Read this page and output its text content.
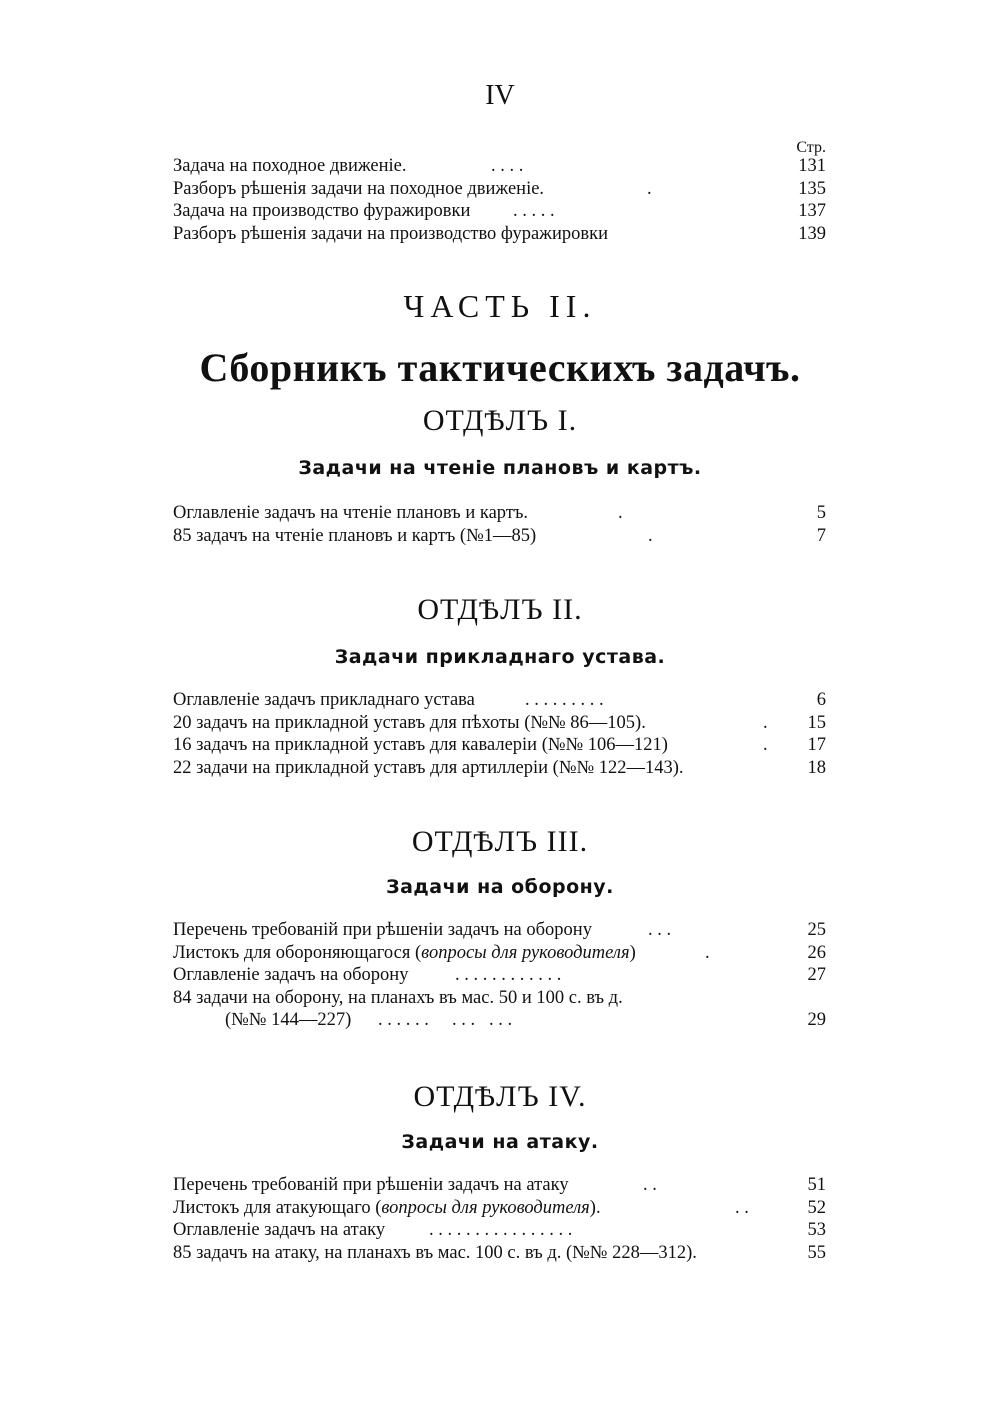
IV
Стр.
Задача на походное движеніе.	. . . .	131
Разборъ рѣшенія задачи на походное движеніе.	.	135
Задача на производство фуражировки . . . . .	137
Разборъ рѣшенія задачи на производство фуражировки	139
ЧАСТЬ II.
Сборникъ тактическихъ задачъ.
ОТДѢЛЪ I.
Задачи на чтеніе плановъ и картъ.
Оглавленіе задачъ на чтеніе плановъ и картъ.	.	5
85 задачъ на чтеніе плановъ и картъ (№1—85)	.	7
ОТДѢЛЪ II.
Задачи прикладнаго устава.
Оглавленіе задачъ прикладнаго устава	. . . . . . . . .	6
20 задачъ на прикладной уставъ для пѣхоты (№№ 86—105).	. 15
16 задачъ на прикладной уставъ для кавалеріи (№№ 106—121)	. 17
22 задачи на прикладной уставъ для артиллеріи (№№ 122—143).	18
ОТДѢЛЪ III.
Задачи на оборону.
Перечень требованій при рѣшеніи задачъ на оборону	. . .	25
Листокъ для обороняющагося (вопросы для руководителя)	.	26
Оглавленіе задачъ на оборону	. . . . . . . . . . . .	27
84 задачи на оборону, на планахъ въ мас. 50 и 100 с. въ д.
(№№ 144—227) . . . . . .     . . .   . . .	29
ОТДѢЛЪ IV.
Задачи на атаку.
Перечень требованій при рѣшеніи задачъ на атаку	. .	51
Листокъ для атакующаго (вопросы для руководителя).	. .	52
Оглавленіе задачъ на атаку . . . . . . . . . . . . . . . .	53
85 задачъ на атаку, на планахъ въ мас. 100 с. въ д. (№№ 228—312).	55
